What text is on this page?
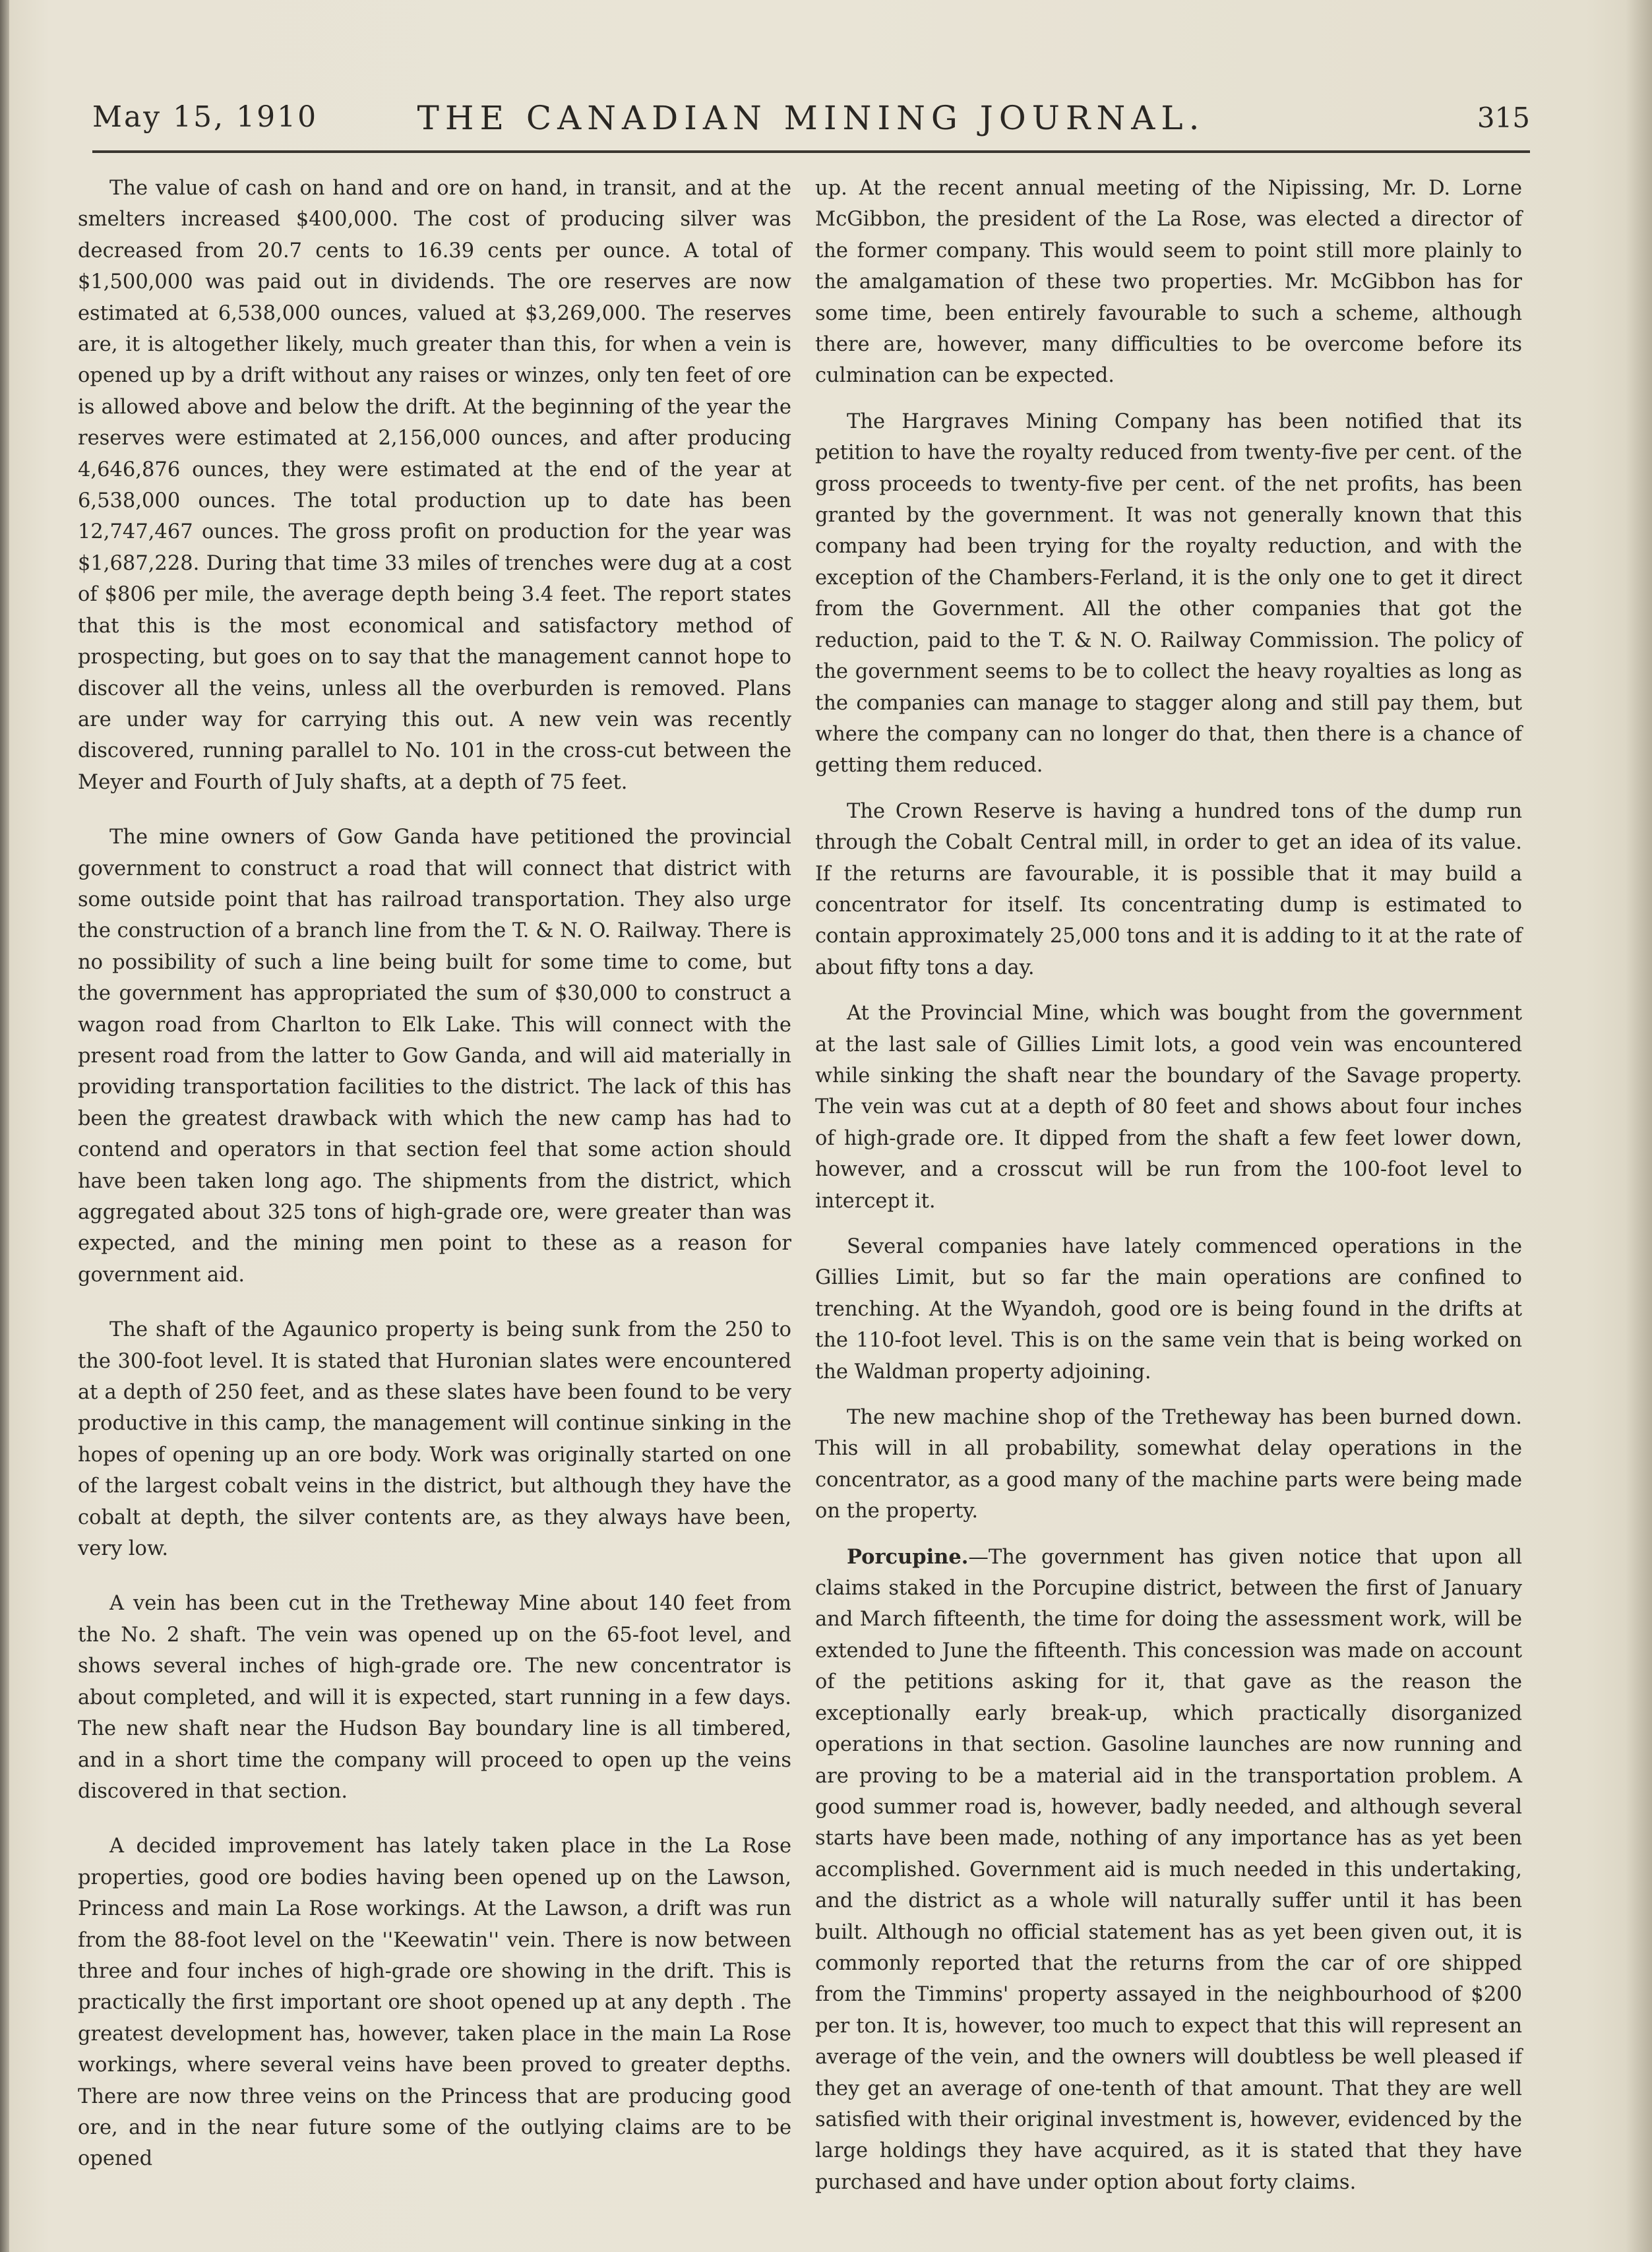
May 15, 1910	THE CANADIAN MINING JOURNAL.	315

The value of cash on hand and ore on hand, in transit, and at the smelters increased $400,000. The cost of producing silver was decreased from 20.7 cents to 16.39 cents per ounce. A total of $1,500,000 was paid out in dividends. The ore reserves are now estimated at 6,538,000 ounces, valued at $3,269,000. The reserves are, it is altogether likely, much greater than this, for when a vein is opened up by a drift without any raises or winzes, only ten feet of ore is allowed above and below the drift. At the beginning of the year the reserves were estimated at 2,156,000 ounces, and after producing 4,646,876 ounces, they were estimated at the end of the year at 6,538,000 ounces. The total production up to date has been 12,747,467 ounces. The gross profit on production for the year was $1,687,228. During that time 33 miles of trenches were dug at a cost of $806 per mile, the average depth being 3.4 feet. The report states that this is the most economical and satisfactory method of prospecting, but goes on to say that the management cannot hope to discover all the veins, unless all the overburden is removed. Plans are under way for carrying this out. A new vein was recently discovered, running parallel to No. 101 in the cross-cut between the Meyer and Fourth of July shafts, at a depth of 75 feet.

The mine owners of Gow Ganda have petitioned the provincial government to construct a road that will connect that district with some outside point that has railroad transportation. They also urge the construction of a branch line from the T. & N. O. Railway. There is no possibility of such a line being built for some time to come, but the government has appropriated the sum of $30,000 to construct a wagon road from Charlton to Elk Lake. This will connect with the present road from the latter to Gow Ganda, and will aid materially in providing transportation facilities to the district. The lack of this has been the greatest drawback with which the new camp has had to contend and operators in that section feel that some action should have been taken long ago. The shipments from the district, which aggregated about 325 tons of high-grade ore, were greater than was expected, and the mining men point to these as a reason for government aid.

The shaft of the Agaunico property is being sunk from the 250 to the 300-foot level. It is stated that Huronian slates were encountered at a depth of 250 feet, and as these slates have been found to be very productive in this camp, the management will continue sinking in the hopes of opening up an ore body. Work was originally started on one of the largest cobalt veins in the district, but although they have the cobalt at depth, the silver contents are, as they always have been, very low.

A vein has been cut in the Tretheway Mine about 140 feet from the No. 2 shaft. The vein was opened up on the 65-foot level, and shows several inches of high-grade ore. The new concentrator is about completed, and will it is expected, start running in a few days. The new shaft near the Hudson Bay boundary line is all timbered, and in a short time the company will proceed to open up the veins discovered in that section.

A decided improvement has lately taken place in the La Rose properties, good ore bodies having been opened up on the Lawson, Princess and main La Rose workings. At the Lawson, a drift was run from the 88-foot level on the ''Keewatin'' vein. There is now between three and four inches of high-grade ore showing in the drift. This is practically the first important ore shoot opened up at any depth . The greatest development has, however, taken place in the main La Rose workings, where several veins have been proved to greater depths. There are now three veins on the Princess that are producing good ore, and in the near future some of the outlying claims are to be opened

up. At the recent annual meeting of the Nipissing, Mr. D. Lorne McGibbon, the president of the La Rose, was elected a director of the former company. This would seem to point still more plainly to the amalgamation of these two properties. Mr. McGibbon has for some time, been entirely favourable to such a scheme, although there are, however, many difficulties to be overcome before its culmination can be expected.

The Hargraves Mining Company has been notified that its petition to have the royalty reduced from twenty-five per cent. of the gross proceeds to twenty-five per cent. of the net profits, has been granted by the government. It was not generally known that this company had been trying for the royalty reduction, and with the exception of the Chambers-Ferland, it is the only one to get it direct from the Government. All the other companies that got the reduction, paid to the T. & N. O. Railway Commission. The policy of the government seems to be to collect the heavy royalties as long as the companies can manage to stagger along and still pay them, but where the company can no longer do that, then there is a chance of getting them reduced.

The Crown Reserve is having a hundred tons of the dump run through the Cobalt Central mill, in order to get an idea of its value. If the returns are favourable, it is possible that it may build a concentrator for itself. Its concentrating dump is estimated to contain approximately 25,000 tons and it is adding to it at the rate of about fifty tons a day.

At the Provincial Mine, which was bought from the government at the last sale of Gillies Limit lots, a good vein was encountered while sinking the shaft near the boundary of the Savage property. The vein was cut at a depth of 80 feet and shows about four inches of high-grade ore. It dipped from the shaft a few feet lower down, however, and a crosscut will be run from the 100-foot level to intercept it.

Several companies have lately commenced operations in the Gillies Limit, but so far the main operations are confined to trenching. At the Wyandoh, good ore is being found in the drifts at the 110-foot level. This is on the same vein that is being worked on the Waldman property adjoining.

The new machine shop of the Tretheway has been burned down. This will in all probability, somewhat delay operations in the concentrator, as a good many of the machine parts were being made on the property.

Porcupine.—The government has given notice that upon all claims staked in the Porcupine district, between the first of January and March fifteenth, the time for doing the assessment work, will be extended to June the fifteenth. This concession was made on account of the petitions asking for it, that gave as the reason the exceptionally early break-up, which practically disorganized operations in that section. Gasoline launches are now running and are proving to be a material aid in the transportation problem. A good summer road is, however, badly needed, and although several starts have been made, nothing of any importance has as yet been accomplished. Government aid is much needed in this undertaking, and the district as a whole will naturally suffer until it has been built. Although no official statement has as yet been given out, it is commonly reported that the returns from the car of ore shipped from the Timmins' property assayed in the neighbourhood of $200 per ton. It is, however, too much to expect that this will represent an average of the vein, and the owners will doubtless be well pleased if they get an average of one-tenth of that amount. That they are well satisfied with their original investment is, however, evidenced by the large holdings they have acquired, as it is stated that they have purchased and have under option about forty claims.
